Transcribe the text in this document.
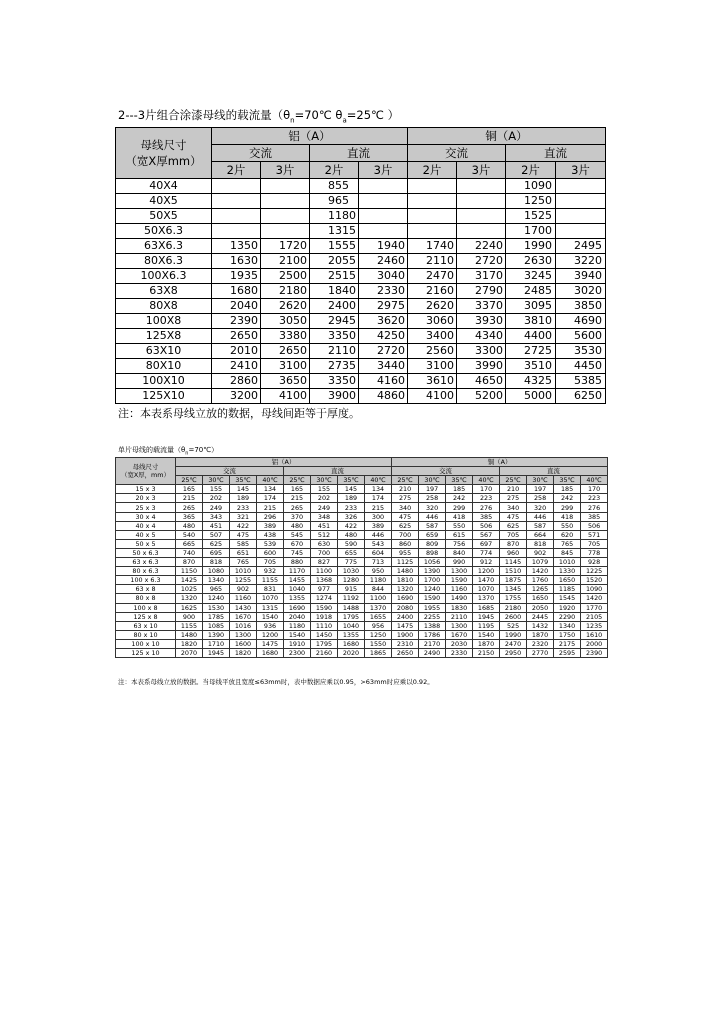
2---3片组合涂漆母线的载流量（$\theta_n=70℃$ $\theta_a=25℃$ ）
母线尺寸
（宽X厚mm）	铝（A）				铜（A）			
	交流		直流		交流		直流	
	2片	3片	2片	3片	2片	3片	2片	3片
40X4			855				1090	
40X5			965				1250	
50X5			1180				1525	
50X6.3			1315				1700	
63X6.3	1350	1720	1555	1940	1740	2240	1990	2495
80X6.3	1630	2100	2055	2460	2110	2720	2630	3220
100X6.3	1935	2500	2515	3040	2470	3170	3245	3940
63X8	1680	2180	1840	2330	2160	2790	2485	3020
80X8	2040	2620	2400	2975	2620	3370	3095	3850
100X8	2390	3050	2945	3620	3060	3930	3810	4690
125X8	2650	3380	3350	4250	3400	4340	4400	5600
63X10	2010	2650	2110	2720	2560	3300	2725	3530
80X10	2410	3100	2735	3440	3100	3990	3510	4450
100X10	2860	3650	3350	4160	3610	4650	4325	5385
125X10	3200	4100	3900	4860	4100	5200	5000	6250
注：本表系母线立放的数据，母线间距等于厚度。
单片母线的载流量$(\theta_n=70℃)$
母线尺寸
（宽X厚，mm）	铝（A）								铜（A）							
	交流				直流				交流				直流			
	25℃	30℃	35℃	40℃	25℃	30℃	35℃	40℃	25℃	30℃	35℃	40℃	25℃	30℃	35℃	40℃
15 x 3	165	155	145	134	165	155	145	134	210	197	185	170	210	197	185	170
20 x 3	215	202	189	174	215	202	189	174	275	258	242	223	275	258	242	223
25 x 3	265	249	233	215	265	249	233	215	340	320	299	276	340	320	299	276
30 x 4	365	343	321	296	370	348	326	300	475	446	418	385	475	446	418	385
40 x 4	480	451	422	389	480	451	422	389	625	587	550	506	625	587	550	506
40 x 5	540	507	475	438	545	512	480	446	700	659	615	567	705	664	620	571
50 x 5	665	625	585	539	670	630	590	543	860	809	756	697	870	818	765	705
50 x 6.3	740	695	651	600	745	700	655	604	955	898	840	774	960	902	845	778
63 x 6.3	870	818	765	705	880	827	775	713	1125	1056	990	912	1145	1079	1010	928
80 x 6.3	1150	1080	1010	932	1170	1100	1030	950	1480	1390	1300	1200	1510	1420	1330	1225
100 x 6.3	1425	1340	1255	1155	1455	1368	1280	1180	1810	1700	1590	1470	1875	1760	1650	1520
63 x 8	1025	965	902	831	1040	977	915	844	1320	1240	1160	1070	1345	1265	1185	1090
80 x 8	1320	1240	1160	1070	1355	1274	1192	1100	1690	1590	1490	1370	1755	1650	1545	1420
100 x 8	1625	1530	1430	1315	1690	1590	1488	1370	2080	1955	1830	1685	2180	2050	1920	1770
125 x 8	900	1785	1670	1540	2040	1918	1795	1655	2400	2255	2110	1945	2600	2445	2290	2105
63 x 10	1155	1085	1016	936	1180	1110	1040	956	1475	1388	1300	1195	525	1432	1340	1235
80 x 10	1480	1390	1300	1200	1540	1450	1355	1250	1900	1786	1670	1540	1990	1870	1750	1610
100 x 10	1820	1710	1600	1475	1910	1795	1680	1550	2310	2170	2030	1870	2470	2320	2175	2000
125 x 10	2070	1945	1820	1680	2300	2160	2020	1865	2650	2490	2330	2150	2950	2770	2595	2390
注：本表系母线立放的数据。当母线平放且宽度≤63mm时，表中数据应乘以0.95，>63mm时应乘以0.92。
